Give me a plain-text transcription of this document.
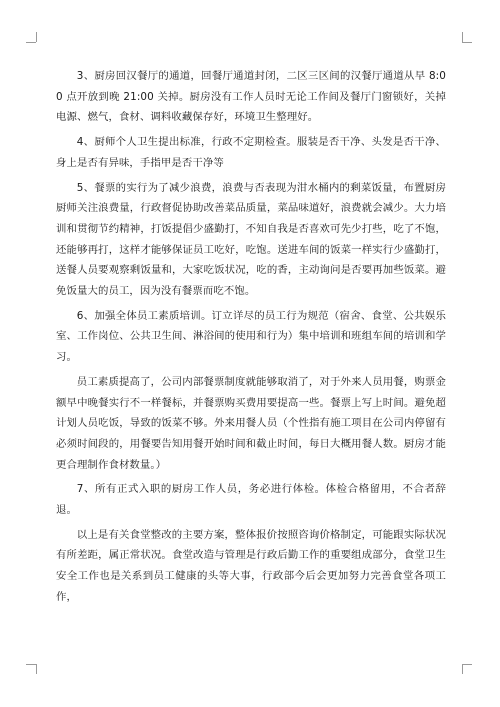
3、厨房回汉餐厅的通道，回餐厅通道封闭，二区三区间的汉餐厅通道从早 8:00 点开放到晚 21:00 关掉。厨房没有工作人员时无论工作间及餐厅门窗锁好，关掉电源、燃气，食材、调料收藏保存好，环境卫生整理好。

4、厨师个人卫生提出标准，行政不定期检查。服装是否干净、头发是否干净、身上是否有异味，手指甲是否干净等

5、餐票的实行为了减少浪费，浪费与否表现为泔水桶内的剩菜饭量，布置厨房厨师关注浪费量，行政督促协助改善菜品质量，菜品味道好，浪费就会减少。大力培训和贯彻节约精神，打饭提倡少盛勤打，不知自我是否喜欢可先少打些，吃了不饱，还能够再打，这样才能够保证员工吃好，吃饱。送进车间的饭菜一样实行少盛勤打，送餐人员要观察剩饭量和，大家吃饭状况，吃的香，主动询问是否要再加些饭菜。避免饭量大的员工，因为没有餐票而吃不饱。

6、加强全体员工素质培训。订立详尽的员工行为规范（宿舍、食堂、公共娱乐室、工作岗位、公共卫生间、淋浴间的使用和行为）集中培训和班组车间的培训和学习。

员工素质提高了，公司内部餐票制度就能够取消了，对于外来人员用餐，购票金额早中晚餐实行不一样餐标，并餐票购买费用要提高一些。餐票上写上时间。避免超计划人员吃饭，导致的饭菜不够。外来用餐人员（个性指有施工项目在公司内停留有必须时间段的，用餐要告知用餐开始时间和截止时间，每日大概用餐人数。厨房才能更合理制作食材数量。）

7、所有正式入职的厨房工作人员，务必进行体检。体检合格留用，不合者辞退。

以上是有关食堂整改的主要方案，整体报价按照咨询价格制定，可能跟实际状况有所差距，属正常状况。食堂改造与管理是行政后勤工作的重要组成部分，食堂卫生安全工作也是关系到员工健康的头等大事，行政部今后会更加努力完善食堂各项工作，
